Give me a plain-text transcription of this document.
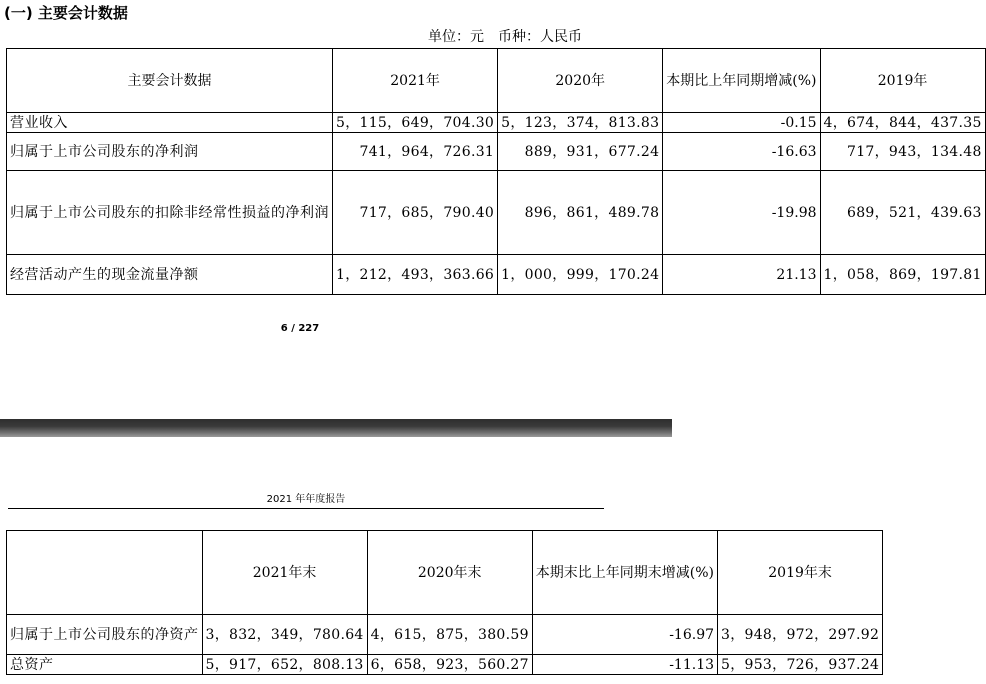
(一) 主要会计数据
单位：元　币种：人民币
主要会计数据	2021年	2020年	本期比上年同期增减(%)	2019年
营业收入	5，115，649，704.30	5，123，374，813.83	-0.15	4，674，844，437.35
归属于上市公司股东的净利润	741，964，726.31	889，931，677.24	-16.63	717，943，134.48
归属于上市公司股东的扣除非经常性损益的净利润	717，685，790.40	896，861，489.78	-19.98	689，521，439.63
经营活动产生的现金流量净额	1，212，493，363.66	1，000，999，170.24	21.13	1，058，869，197.81
6 / 227
2021 年年度报告
	2021年末	2020年末	本期末比上年同期末增减(%)	2019年末
归属于上市公司股东的净资产	3，832，349，780.64	4，615，875，380.59	-16.97	3，948，972，297.92
总资产	5，917，652，808.13	6，658，923，560.27	-11.13	5，953，726，937.24
